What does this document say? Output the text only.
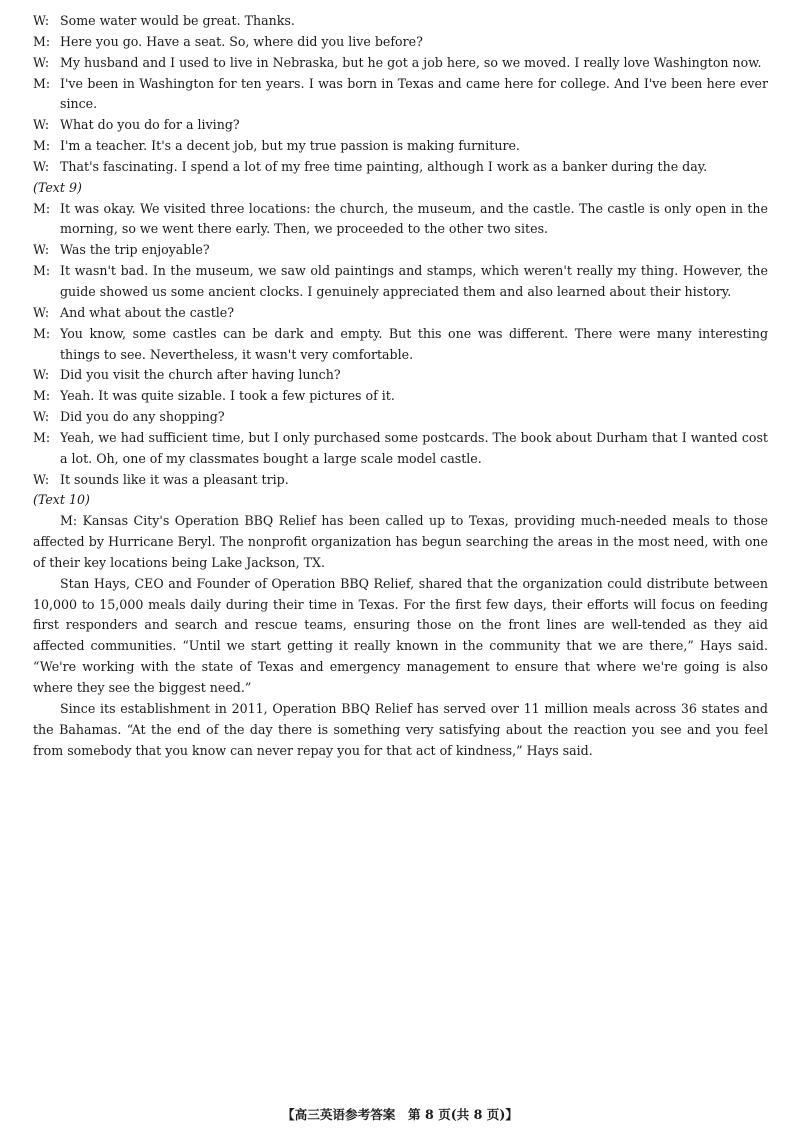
W: Some water would be great. Thanks.
M: Here you go. Have a seat. So, where did you live before?
W: My husband and I used to live in Nebraska, but he got a job here, so we moved. I really love Washington now.
M: I've been in Washington for ten years. I was born in Texas and came here for college. And I've been here ever since.
W: What do you do for a living?
M: I'm a teacher. It's a decent job, but my true passion is making furniture.
W: That's fascinating. I spend a lot of my free time painting, although I work as a banker during the day.
(Text 9)
M: It was okay. We visited three locations: the church, the museum, and the castle. The castle is only open in the morning, so we went there early. Then, we proceeded to the other two sites.
W: Was the trip enjoyable?
M: It wasn't bad. In the museum, we saw old paintings and stamps, which weren't really my thing. However, the guide showed us some ancient clocks. I genuinely appreciated them and also learned about their history.
W: And what about the castle?
M: You know, some castles can be dark and empty. But this one was different. There were many interesting things to see. Nevertheless, it wasn't very comfortable.
W: Did you visit the church after having lunch?
M: Yeah. It was quite sizable. I took a few pictures of it.
W: Did you do any shopping?
M: Yeah, we had sufficient time, but I only purchased some postcards. The book about Durham that I wanted cost a lot. Oh, one of my classmates bought a large scale model castle.
W: It sounds like it was a pleasant trip.
(Text 10)

M: Kansas City's Operation BBQ Relief has been called up to Texas, providing much-needed meals to those affected by Hurricane Beryl. The nonprofit organization has begun searching the areas in the most need, with one of their key locations being Lake Jackson, TX.

Stan Hays, CEO and Founder of Operation BBQ Relief, shared that the organization could distribute between 10,000 to 15,000 meals daily during their time in Texas. For the first few days, their efforts will focus on feeding first responders and search and rescue teams, ensuring those on the front lines are well-tended as they aid affected communities. “Until we start getting it really known in the community that we are there,” Hays said. “We're working with the state of Texas and emergency management to ensure that where we're going is also where they see the biggest need.”

Since its establishment in 2011, Operation BBQ Relief has served over 11 million meals across 36 states and the Bahamas. “At the end of the day there is something very satisfying about the reaction you see and you feel from somebody that you know can never repay you for that act of kindness,” Hays said.

【高三英语参考答案　第 8 页(共 8 页)】
